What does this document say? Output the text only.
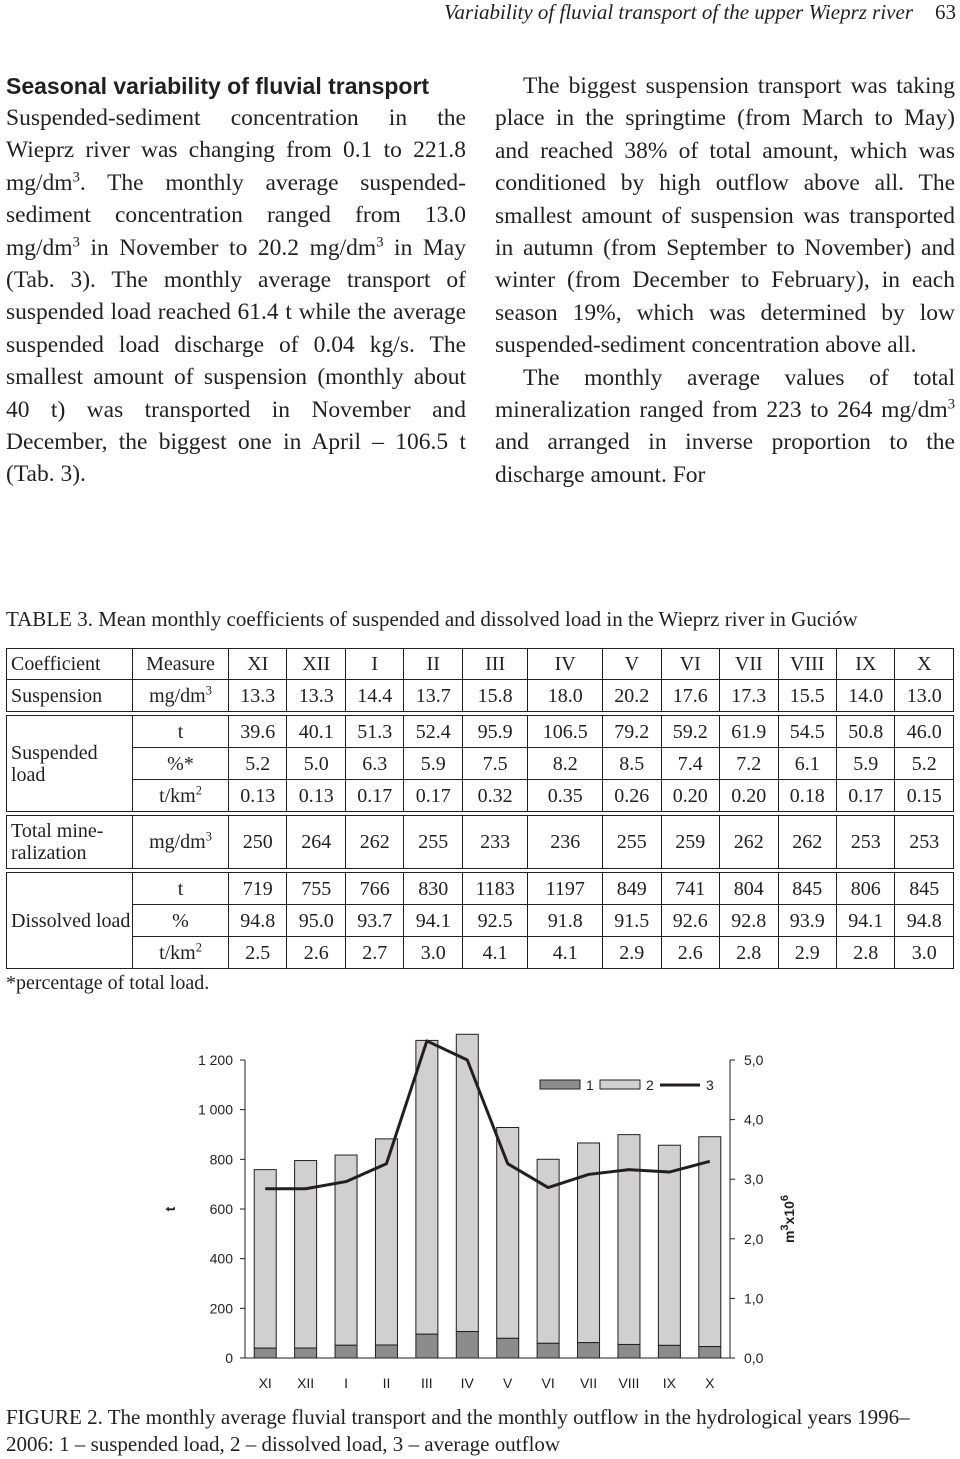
Variability of fluvial transport of the upper Wieprz river 63
Seasonal variability of fluvial transport

Suspended-sediment concentration in the Wieprz river was changing from 0.1 to 221.8 $mg/dm^3$. The monthly average suspended-sediment concentration ranged from 13.0 $mg/dm^3$ in November to 20.2 $mg/dm^3$ in May (Tab. 3). The monthly average transport of suspended load reached 61.4 t while the average suspended load discharge of 0.04 kg/s. The smallest amount of suspension (monthly about 40 t) was transported in November and December, the biggest one in April – 106.5 t (Tab. 3).

The biggest suspension transport was taking place in the springtime (from March to May) and reached 38% of total amount, which was conditioned by high outflow above all. The smallest amount of suspension was transported in autumn (from September to November) and winter (from December to February), in each season 19%, which was determined by low suspended-sediment concentration above all.

The monthly average values of total mineralization ranged from 223 to 264 $mg/dm^3$ and arranged in inverse proportion to the discharge amount. For

TABLE 3. Mean monthly coefficients of suspended and dissolved load in the Wieprz river in Guciów
Coefficient	Measure	XI	XII	I	II	III	IV	V	VI	VII	VIII	IX	X
Suspension	$mg/dm^3$	13.3	13.3	14.4	13.7	15.8	18.0	20.2	17.6	17.3	15.5	14.0	13.0

Suspended load	t	39.6	40.1	51.3	52.4	95.9	106.5	79.2	59.2	61.9	54.5	50.8	46.0
	%*	5.2	5.0	6.3	5.9	7.5	8.2	8.5	7.4	7.2	6.1	5.9	5.2
	$t/km^2$	0.13	0.13	0.17	0.17	0.32	0.35	0.26	0.20	0.20	0.18	0.17	0.15

Total mine-
ralization	$mg/dm^3$	250	264	262	255	233	236	255	259	262	262	253	253

Dissolved load	t	719	755	766	830	1183	1197	849	741	804	845	806	845
	%	94.8	95.0	93.7	94.1	92.5	91.8	91.5	92.6	92.8	93.9	94.1	94.8
	$t/km^2$	2.5	2.6	2.7	3.0	4.1	4.1	2.9	2.6	2.8	2.9	2.8	3.0
*percentage of total load.
0
200
400
600
800
1 000
1 200
0,0
1,0
2,0
3,0
4,0
5,0
t
$m^3x10^6$
XI XII I II III IV V VI VII VIII IX X
1	2	3
FIGURE 2. The monthly average fluvial transport and the monthly outflow in the hydrological years 1996–2006: 1 – suspended load, 2 – dissolved load, 3 – average outflow
